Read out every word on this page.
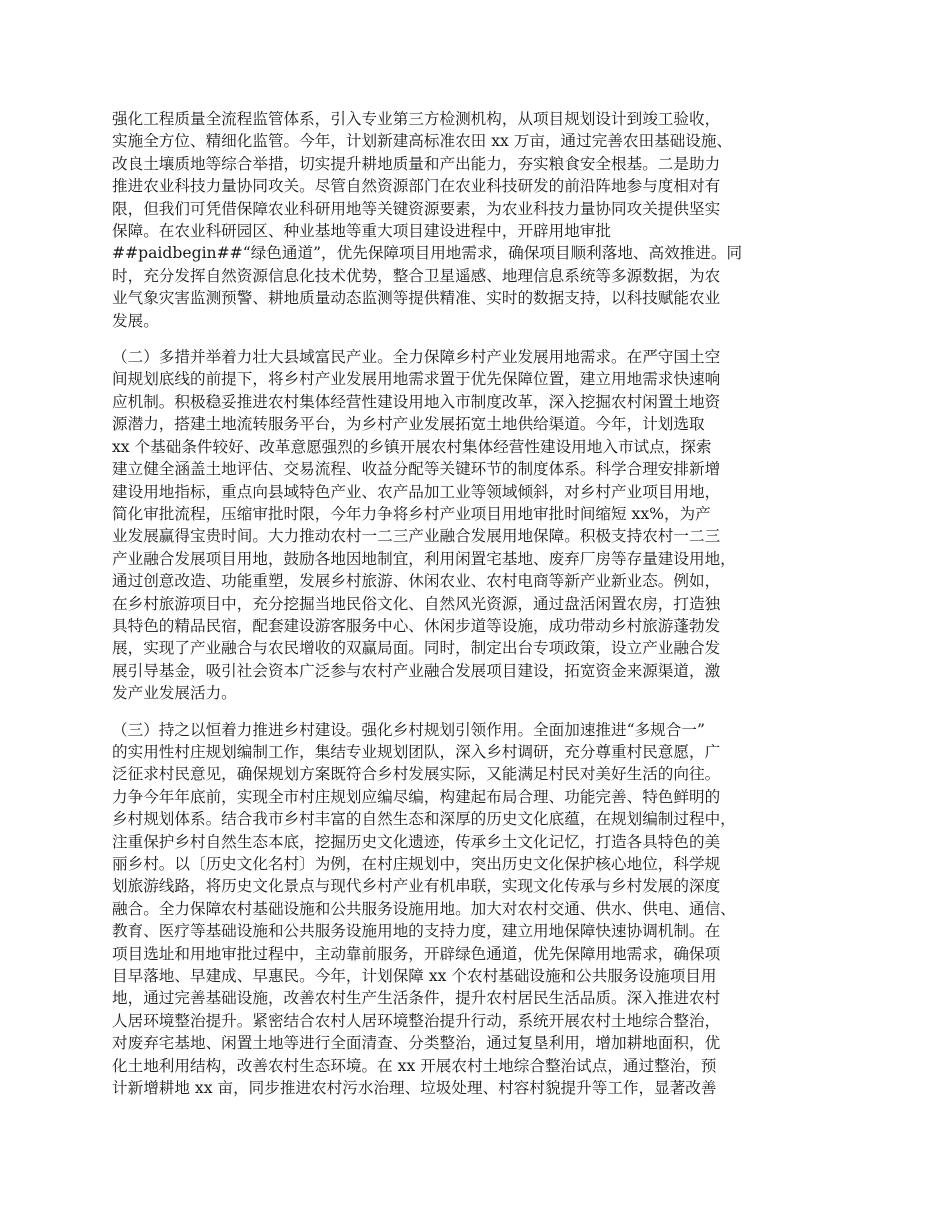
强化工程质量全流程监管体系，引入专业第三方检测机构，从项目规划设计到竣工验收，
实施全方位、精细化监管。今年，计划新建高标准农田 xx 万亩，通过完善农田基础设施、
改良土壤质地等综合举措，切实提升耕地质量和产出能力，夯实粮食安全根基。二是助力
推进农业科技力量协同攻关。尽管自然资源部门在农业科技研发的前沿阵地参与度相对有
限，但我们可凭借保障农业科研用地等关键资源要素，为农业科技力量协同攻关提供坚实
保障。在农业科研园区、种业基地等重大项目建设进程中，开辟用地审批
##paidbegin##“绿色通道”，优先保障项目用地需求，确保项目顺利落地、高效推进。同
时，充分发挥自然资源信息化技术优势，整合卫星遥感、地理信息系统等多源数据，为农
业气象灾害监测预警、耕地质量动态监测等提供精准、实时的数据支持，以科技赋能农业
发展。

（二）多措并举着力壮大县域富民产业。全力保障乡村产业发展用地需求。在严守国土空
间规划底线的前提下，将乡村产业发展用地需求置于优先保障位置，建立用地需求快速响
应机制。积极稳妥推进农村集体经营性建设用地入市制度改革，深入挖掘农村闲置土地资
源潜力，搭建土地流转服务平台，为乡村产业发展拓宽土地供给渠道。今年，计划选取
xx 个基础条件较好、改革意愿强烈的乡镇开展农村集体经营性建设用地入市试点，探索
建立健全涵盖土地评估、交易流程、收益分配等关键环节的制度体系。科学合理安排新增
建设用地指标，重点向县域特色产业、农产品加工业等领域倾斜，对乡村产业项目用地，
简化审批流程，压缩审批时限，今年力争将乡村产业项目用地审批时间缩短 xx%，为产
业发展赢得宝贵时间。大力推动农村一二三产业融合发展用地保障。积极支持农村一二三
产业融合发展项目用地，鼓励各地因地制宜，利用闲置宅基地、废弃厂房等存量建设用地，
通过创意改造、功能重塑，发展乡村旅游、休闲农业、农村电商等新产业新业态。例如，
在乡村旅游项目中，充分挖掘当地民俗文化、自然风光资源，通过盘活闲置农房，打造独
具特色的精品民宿，配套建设游客服务中心、休闲步道等设施，成功带动乡村旅游蓬勃发
展，实现了产业融合与农民增收的双赢局面。同时，制定出台专项政策，设立产业融合发
展引导基金，吸引社会资本广泛参与农村产业融合发展项目建设，拓宽资金来源渠道，激
发产业发展活力。

（三）持之以恒着力推进乡村建设。强化乡村规划引领作用。全面加速推进“多规合一”
的实用性村庄规划编制工作，集结专业规划团队，深入乡村调研，充分尊重村民意愿，广
泛征求村民意见，确保规划方案既符合乡村发展实际，又能满足村民对美好生活的向往。
力争今年年底前，实现全市村庄规划应编尽编，构建起布局合理、功能完善、特色鲜明的
乡村规划体系。结合我市乡村丰富的自然生态和深厚的历史文化底蕴，在规划编制过程中，
注重保护乡村自然生态本底，挖掘历史文化遗迹，传承乡土文化记忆，打造各具特色的美
丽乡村。以〔历史文化名村〕为例，在村庄规划中，突出历史文化保护核心地位，科学规
划旅游线路，将历史文化景点与现代乡村产业有机串联，实现文化传承与乡村发展的深度
融合。全力保障农村基础设施和公共服务设施用地。加大对农村交通、供水、供电、通信、
教育、医疗等基础设施和公共服务设施用地的支持力度，建立用地保障快速协调机制。在
项目选址和用地审批过程中，主动靠前服务，开辟绿色通道，优先保障用地需求，确保项
目早落地、早建成、早惠民。今年，计划保障 xx 个农村基础设施和公共服务设施项目用
地，通过完善基础设施，改善农村生产生活条件，提升农村居民生活品质。深入推进农村
人居环境整治提升。紧密结合农村人居环境整治提升行动，系统开展农村土地综合整治，
对废弃宅基地、闲置土地等进行全面清查、分类整治，通过复垦利用，增加耕地面积，优
化土地利用结构，改善农村生态环境。在 xx 开展农村土地综合整治试点，通过整治，预
计新增耕地 xx 亩，同步推进农村污水治理、垃圾处理、村容村貌提升等工作，显著改善
